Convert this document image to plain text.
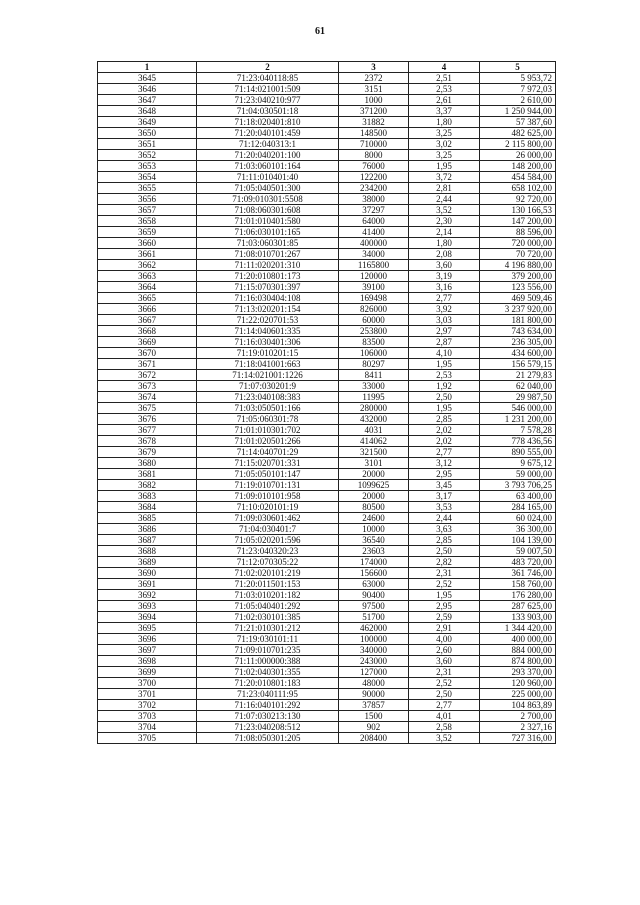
61
1	2	3	4	5
3645	71:23:040118:85	2372	2,51	5 953,72
3646	71:14:021001:509	3151	2,53	7 972,03
3647	71:23:040210:977	1000	2,61	2 610,00
3648	71:04:030501:18	371200	3,37	1 250 944,00
3649	71:18:020401:810	31882	1,80	57 387,60
3650	71:20:040101:459	148500	3,25	482 625,00
3651	71:12:040313:1	710000	3,02	2 115 800,00
3652	71:20:040201:100	8000	3,25	26 000,00
3653	71:03:060101:164	76000	1,95	148 200,00
3654	71:11:010401:40	122200	3,72	454 584,00
3655	71:05:040501:300	234200	2,81	658 102,00
3656	71:09:010301:5508	38000	2,44	92 720,00
3657	71:08:060301:608	37297	3,52	130 166,53
3658	71:01:010401:580	64000	2,30	147 200,00
3659	71:06:030101:165	41400	2,14	88 596,00
3660	71:03:060301:85	400000	1,80	720 000,00
3661	71:08:010701:267	34000	2,08	70 720,00
3662	71:11:020201:310	1165800	3,60	4 196 880,00
3663	71:20:010801:173	120000	3,19	379 200,00
3664	71:15:070301:397	39100	3,16	123 556,00
3665	71:16:030404:108	169498	2,77	469 509,46
3666	71:13:020201:154	826000	3,92	3 237 920,00
3667	71:22:020701:53	60000	3,03	181 800,00
3668	71:14:040601:335	253800	2,97	743 634,00
3669	71:16:030401:306	83500	2,87	236 305,00
3670	71:19:010201:15	106000	4,10	434 600,00
3671	71:18:041001:663	80297	1,95	156 579,15
3672	71:14:021001:1226	8411	2,53	21 279,83
3673	71:07:030201:9	33000	1,92	62 040,00
3674	71:23:040108:383	11995	2,50	29 987,50
3675	71:03:050501:166	280000	1,95	546 000,00
3676	71:05:060301:78	432000	2,85	1 231 200,00
3677	71:01:010301:702	4031	2,02	7 578,28
3678	71:01:020501:266	414062	2,02	778 436,56
3679	71:14:040701:29	321500	2,77	890 555,00
3680	71:15:020701:331	3101	3,12	9 675,12
3681	71:05:050101:147	20000	2,95	59 000,00
3682	71:19:010701:131	1099625	3,45	3 793 706,25
3683	71:09:010101:958	20000	3,17	63 400,00
3684	71:10:020101:19	80500	3,53	284 165,00
3685	71:09:030601:462	24600	2,44	60 024,00
3686	71:04:030401:7	10000	3,63	36 300,00
3687	71:05:020201:596	36540	2,85	104 139,00
3688	71:23:040320:23	23603	2,50	59 007,50
3689	71:12:070305:22	174000	2,82	483 720,00
3690	71:02:020101:219	156600	2,31	361 746,00
3691	71:20:011501:153	63000	2,52	158 760,00
3692	71:03:010201:182	90400	1,95	176 280,00
3693	71:05:040401:292	97500	2,95	287 625,00
3694	71:02:030101:385	51700	2,59	133 903,00
3695	71:21:010301:212	462000	2,91	1 344 420,00
3696	71:19:030101:11	100000	4,00	400 000,00
3697	71:09:010701:235	340000	2,60	884 000,00
3698	71:11:000000:388	243000	3,60	874 800,00
3699	71:02:040301:355	127000	2,31	293 370,00
3700	71:20:010801:183	48000	2,52	120 960,00
3701	71:23:040111:95	90000	2,50	225 000,00
3702	71:16:040101:292	37857	2,77	104 863,89
3703	71:07:030213:130	1500	4,01	2 700,00
3704	71:23:040208:512	902	2,58	2 327,16
3705	71:08:050301:205	208400	3,52	727 316,00
